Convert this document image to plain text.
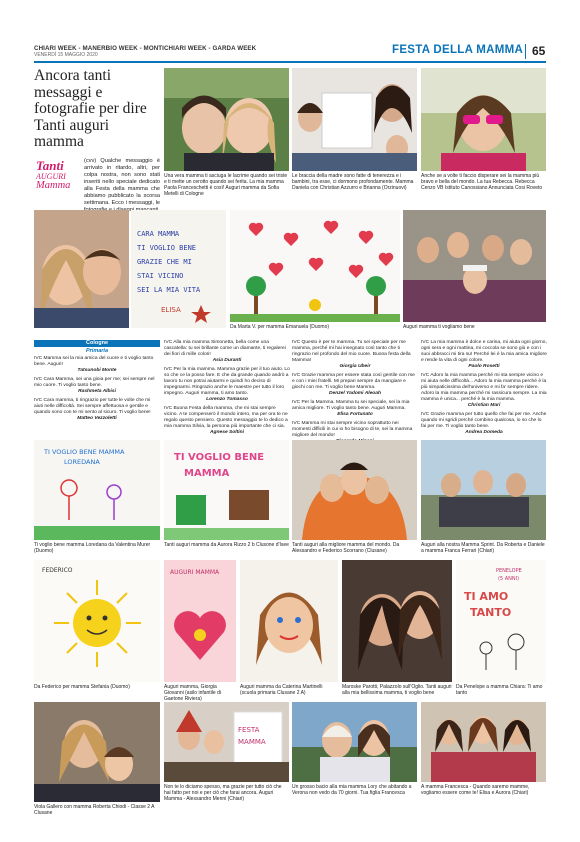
CHIARI WEEK - MANERBIO WEEK - MONTICHIARI WEEK - GARDA WEEK
VENERDÌ 15 MAGGIO 2020	FESTA DELLA MAMMA 65
Ancora tanti messaggi e fotografie per dire Tanti auguri mamma
Tanti
AUGURI
Mamma
(cvv) Qualche messaggio è arrivato in ritardo, altri, per colpa nostra, non sono stati inseriti nello speciale dedicato alla Festa della mamma che abbiamo pubblicato la scorsa settimana. Ecco i messaggi, le
Una vera mamma ti asciuga le lacrime quando sei triste e ti mette un cerotto quando sei ferita. La mia mamma Paola Franceschetti è così! Auguri mamma da Sofia Metelli di Cologne
Le braccia della madre sono fatte di tenerezza e i bambini, tra esse, ci dormono profondamente. Mamma Daniela con Christian Azzurro e Brianna (Orzinuovi)
Anche se a volte ti faccio disperare sei la mamma più bravo e bella del mondo. La tua Rebecca. Rebecca Cenzo VB Istituto Canossiano Annunciata Cosi Roveto
CARA MAMMA
TI VOGLIO BENE
GRAZIE CHE MI
STAI VICINO
SEI LA MIA VITA
ELISA
Da Marta V. per mamma Emanuela (Duomo)	Auguri mamma ti vogliamo bene
Cologne
Primaria

IVC Mamma sei la mia amica del cuore e ti voglio tanto bene. Auguri!
Tatsunobi Monte

IVC Cara Mamma, sei una gioia per me; sei sempre nel mio cuore. Ti voglio tanto bene.
Rashmeta Albisi

IVC Cara mamma, ti ringrazio per tutte le volte che mi aiuti nelle difficoltà. Sei sempre affettuosa e gentile e quando sono con te mi sento al sicuro. Ti voglio bene!
Matteo Vezzoletti

IVC Alla mia mamma Simonetta, bella come una cascatella: tu sei brillante come un diamante, ti regalerei dei fiori di mille colori!
Asia Duranti

IVC Per la mia mamma. Mamma grazie per il tuo aiuto. Lo so che ce la posso fare. E che da grande quando andrò a lavoro tu non potrai aiutarmi e quindi ho deciso di impegnarmi. Ringrazio anche le maestre per tutto il loro impegno. Auguri mamma, ti amo tanto.
Lorenzo Tomasso

IVC Buona Festa della mamma, che mi stai sempre vicino. A te compenserò il mondo intero, ma per ora te ne regalo questo pensiero. Questo messaggio te lo dedico a mia mamma Silvia, la persona più importante che ci sia.
Agnese Soltini

IVC Questo è per te mamma. Tu sei speciale per me mamma, perché mi hai insegnato così tanto che ti ringrazio nel profondo del mio cuore. Buona festa della Mamma!
Giorgia Ubeir

IVC Grazie mamma per essere stata così gentile con me e con i miei fratelli. Mi prepari sempre da mangiare e giochi con me. Ti voglio bene Mamma.
Denzel Yadomi Aleoah

IVC Per la Mamma. Mamma tu sei speciale, sei la mia amica migliore. Ti voglio tanto bene. Auguri Mamma.
Elisa Fortunato

IVC Mamma mi stai sempre vicino soprattutto nei momenti difficili in cui io ho bisogno di te, sei la mamma migliore del mondo!

IVC La mia mamma è dolce e carina, mi aiuta ogni giorno, ogni sera e ogni mattina, mi coccola se sono giù e con i suoi abbracci mi tira su! Perché lei è la mia amica migliore e rende la vita di ogni colore.
Paolo Rosetti

IVC Adoro la mia mamma perché mi sta sempre vicino e mi aiuta nelle difficoltà... Adoro la mia mamma perché è la più simpaticissima dell'universo e mi fa' sempre ridere. Adoro la mia mamma perché mi rassicura sempre. La mia mamma è unica... perché è la mia mamma.
Christian Mari

IVC Grazie mamma per tutto quello che fai per me. Anche quando mi sgridi perché combino qualcosa, io so che lo fai per me. Ti voglio tanto bene.
Andrea Domeda

TI VOGLIO BENE MAMMA
LOREDANA	TI VOGLIO BENE
MAMMA
Ti voglio bene mamma Loredana da Valentina Murer (Duomo)
Tanti auguri mamma da Aurora Rizzo 2 b Clusone d'Isee Tanti auguri alla migliore mamma del mondo. Da Alessandro e Federico Scorrano (Clusane)
Auguri alla nostra Mamma Sprint. Da Roberta e Daniele a mamma Franca Ferrari (Chiari)
FEDERICO	AUGURI MAMMA	PENELOPE
(5 ANNI)
TI AMO
TANTO
Da Federico per mamma Stefania (Duomo)	Auguri mamma, Giorgia Giovanni (asilo infantile di Gaetone Riviera)
Auguri mamma da Caterina Martinelli (scuola primaria Clusane 2 A)
Maroske Parotti, Palazzolo sull'Oglio. Tanti auguri alla mia bellissima mamma, ti voglio bene
Da Penelope a mamma Chiara: Ti amo tanto
FESTA
MAMMA
Viola Gallero con mamma Roberta Chiodi - Classe 2 A Clusane
Non te lo diciamo spesso, ma grazie per tutto ciò che hai fatto per noi e per ciò che farai ancora. Auguri Mamma - Alessandro Menni (Chiari)
Un grosso bacio alla mia mamma Lory che abitando a Verona non vedo da 70 giorni. Tua figlia Francesca
A mamma Francesca - Quando saremo mamme, vogliamo essere come te! Elisa e Aurora (Chiari)
